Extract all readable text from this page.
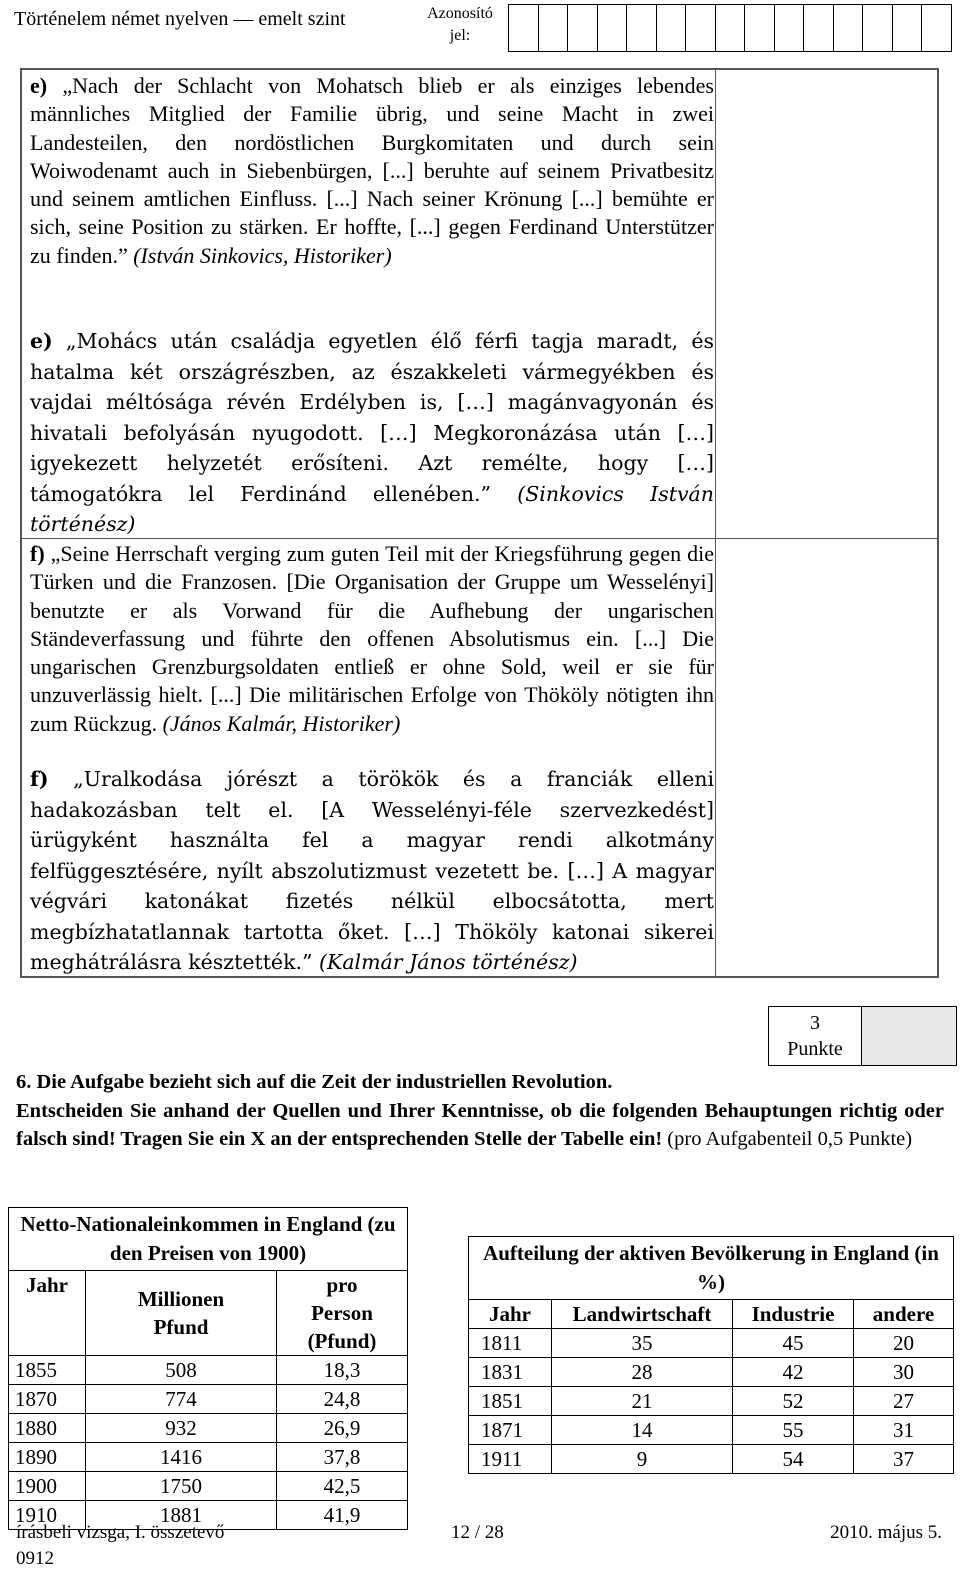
Történelem német nyelven — emelt szint	Azonosító
jel:
e) „Nach der Schlacht von Mohatsch blieb er als einziges lebendes männliches Mitglied der Familie übrig, und seine Macht in zwei Landesteilen, den nordöstlichen Burgkomitaten und durch sein Woiwodenamt auch in Siebenbürgen, [...] beruhte auf seinem Privatbesitz und seinem amtlichen Einfluss. [...] Nach seiner Krönung [...] bemühte er sich, seine Position zu stärken. Er hoffte, [...] gegen Ferdinand Unterstützer zu finden.” (István Sinkovics, Historiker)
e) „Mohács után családja egyetlen élő férfi tagja maradt, és hatalma két országrészben, az északkeleti vármegyékben és vajdai méltósága révén Erdélyben is, […] magánvagyonán és hivatali befolyásán nyugodott. […] Megkoronázása után […] igyekezett helyzetét erősíteni. Azt remélte, hogy […] támogatókra lel Ferdinánd ellenében.” (Sinkovics István történész)
f) „Seine Herrschaft verging zum guten Teil mit der Kriegsführung gegen die Türken und die Franzosen. [Die Organisation der Gruppe um Wesselényi] benutzte er als Vorwand für die Aufhebung der ungarischen Ständeverfassung und führte den offenen Absolutismus ein. [...] Die ungarischen Grenzburgsoldaten entließ er ohne Sold, weil er sie für unzuverlässig hielt. [...] Die militärischen Erfolge von Thököly nötigten ihn zum Rückzug. (János Kalmár, Historiker)
f) „Uralkodása jórészt a törökök és a franciák elleni hadakozásban telt el. [A Wesselényi-féle szervezkedést] ürügyként használta fel a magyar rendi alkotmány felfüggesztésére, nyílt abszolutizmust vezetett be. […] A magyar végvári katonákat fizetés nélkül elbocsátotta, mert megbízhatatlannak tartotta őket. […] Thököly katonai sikerei meghátrálásra késztették.” (Kalmár János történész)
3
Punkte
6. Die Aufgabe bezieht sich auf die Zeit der industriellen Revolution.
Entscheiden Sie anhand der Quellen und Ihrer Kenntnisse, ob die folgenden Behauptungen richtig oder falsch sind! Tragen Sie ein X an der entsprechenden Stelle der Tabelle ein! (pro Aufgabenteil 0,5 Punkte)
Netto-Nationaleinkommen in England (zu den Preisen von 1900)		
Jahr	Millionen Pfund	pro Person (Pfund)
1855	508	18,3
1870	774	24,8
1880	932	26,9
1890	1416	37,8
1900	1750	42,5
1910	1881	41,9
Aufteilung der aktiven Bevölkerung in England (in %)			
Jahr	Landwirtschaft	Industrie	andere
1811	35	45	20
1831	28	42	30
1851	21	52	27
1871	14	55	31
1911	9	54	37
írásbeli vizsga, I. összetevő	12 / 28	2010. május 5.
0912
